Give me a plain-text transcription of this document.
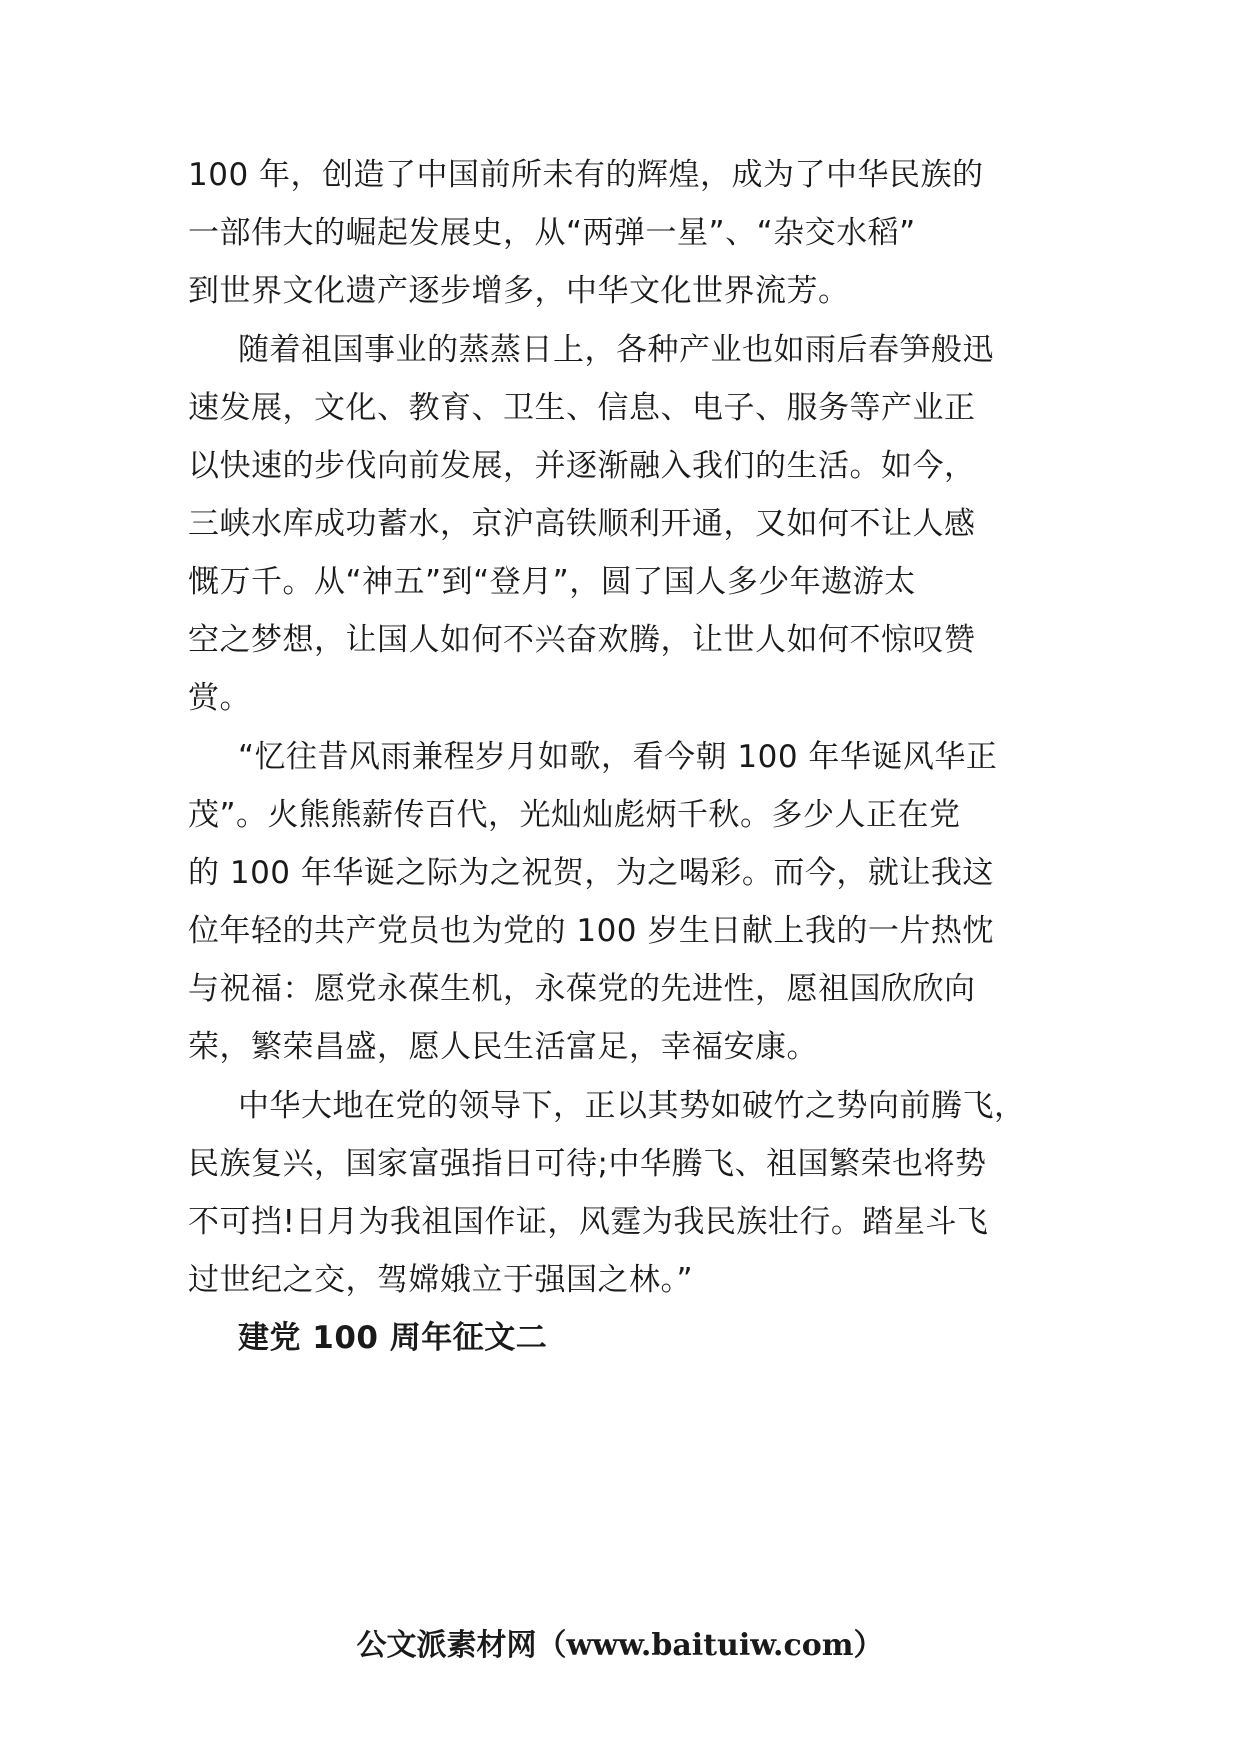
100 年，创造了中国前所未有的辉煌，成为了中华民族的
一部伟大的崛起发展史，从“两弹一星”、“杂交水稻”
到世界文化遗产逐步增多，中华文化世界流芳。
随着祖国事业的蒸蒸日上，各种产业也如雨后春笋般迅
速发展，文化、教育、卫生、信息、电子、服务等产业正
以快速的步伐向前发展，并逐渐融入我们的生活。如今，
三峡水库成功蓄水，京沪高铁顺利开通，又如何不让人感
慨万千。从“神五”到“登月”，圆了国人多少年遨游太
空之梦想，让国人如何不兴奋欢腾，让世人如何不惊叹赞
赏。
“忆往昔风雨兼程岁月如歌，看今朝 100 年华诞风华正
茂”。火熊熊薪传百代，光灿灿彪炳千秋。多少人正在党
的 100 年华诞之际为之祝贺，为之喝彩。而今，就让我这
位年轻的共产党员也为党的 100 岁生日献上我的一片热忱
与祝福：愿党永葆生机，永葆党的先进性，愿祖国欣欣向
荣，繁荣昌盛，愿人民生活富足，幸福安康。
中华大地在党的领导下，正以其势如破竹之势向前腾飞，
民族复兴，国家富强指日可待;中华腾飞、祖国繁荣也将势
不可挡!日月为我祖国作证，风霆为我民族壮行。踏星斗飞
过世纪之交，驾嫦娥立于强国之林。”
建党 100 周年征文二
公文派素材网（www.baituiw.com）
